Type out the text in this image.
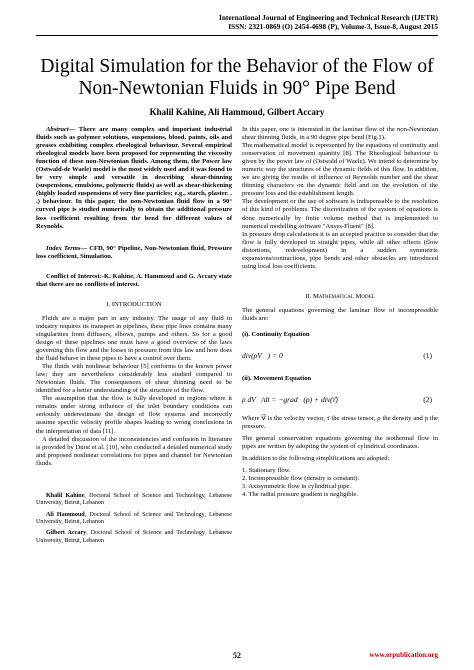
International Journal of Engineering and Technical Research (IJETR)
ISSN: 2321-0869 (O) 2454-4698 (P), Volume-3, Issue-8, August 2015
Digital Simulation for the Behavior of the Flow of
Non-Newtonian Fluids in 90° Pipe Bend
Khalil Kahine, Ali Hammoud, Gilbert Accary

Abstract— There are many complex and important industrial fluids such as polymer solutions, suspensions, blood, paints, oils and greases exhibiting complex rheological behaviour. Several empirical rheological models have been proposed for representing the viscosity function of these non-Newtonian fluids. Among them, the Power law (Ostwald-de Waele) model is the most widely used and it was found to be very simple and versatile in describing shear-thinning (suspensions, emulsions, polymeric fluids) as well as shear-thickening (highly loaded suspensions of very fine particles; e.g., starch, plaster. . .) behaviour. In this paper, the non-Newtonian fluid flow in a 90° curved pipe is studied numerically to obtain the additional pressure loss coefficient resulting from the bend for different values of Reynolds.

Index Terms— CFD, 90° Pipeline, Non-Newtonian fluid, Pressure loss coefficient, Simulation.

Conflict of Interest:-K. Kahine, A. Hammoud and G. Accary state that there are no conflicts of interest.

I. INTRODUCTION

Fluids are a major part in any industry. The usage of any fluid in industry requires its transport in pipelines, these pipe lines contains many singularities from diffusers, elbows, pumps and others. So for a good design of these pipelines one must have a good overview of the laws governing this flow and the losses in pressure from this law and how does the fluid behave in these pipes to have a control over them.

The fluids with nonlinear behaviour [5] conforms to the known power law; they are nevertheless considerably less studied compared to Newtonian fluids. The consequences of shear thinning need to be identified for a better understanding of the structure of the flow.

The assumption that the flow is fully developed in regions where it remains under strong influence of the inlet boundary conditions can seriously underestimate the design of flow systems and incorrectly assume specific velocity profile shapes leading to wrong conclusions in the interpretation of data [11].

A detailed discussion of the inconsistencies and confusion in literature is provided by Durst et al. [10], who conducted a detailed numerical study and proposed nonlinear correlations for pipes and channel for Newtonian fluids.

Khalil Kahine, Doctoral School of Science and Technology, Lebanese University, Beirut, Lebanon

Ali Hammoud, Doctoral School of Science and Technology, Lebanese University, Beirut, Lebanon

Gilbert Accary, Doctoral School of Science and Technology, Lebanese University, Beirut, Lebanon

In this paper, one is interested in the laminar flow of the non-Newtonian shear thinning fluids, in a 90 degree pipe bend (Fig.1).

The mathematical model is represented by the equations of continuity and conservation of movement quantity [8]. The Rheological behaviour is given by the power law of (Ostwald of Waele). We intend to determine by numeric way the structures of the dynamic fields of this flow. In addition, we are giving the results of influence of Reynolds number and the shear thinning characters on the dynamic field and on the evolution of the pressure loss and the establishment length.

The development or the use of software is indispensable to the resolution of this kind of problems. The discretization of the system of equations is done numerically by finite volume method that is implemented to numerical modelling software "Ansys-Fluent" [8].

In pressure drop calculations it is an accepted practice to consider that the flow is fully developed in straight pipes, while all other effects (flow distortions, redevelopment) in a sudden symmetric expansions/contractions, pipe bends and other obstacles are introduced using local loss coefficients.

II. Mathematical Model

The general equations governing the laminar flow of incompressible fluids are:

(i). Continuity Equation
div(ρV⃗) = 0	(1)
(ii). Movement Equation
ρ dV⃗/dt = −grad⃗(p) + div(τ̄)	(2)

Where V⃗ is the velocity vector, τ̄ the stress tensor, ρ the density and p the pressure.

The general conservation equations governing the isothermal flow in pipes are written by adopting the system of cylindrical coordinates.

In addition to the following simplifications are adopted:

1. Stationary flow.

2. Incompressible flow (density is constant).

3. Axisymmetric flow in cylindrical pipe.

4. The radial pressure gradient is negligible.

52	www.erpublication.org
